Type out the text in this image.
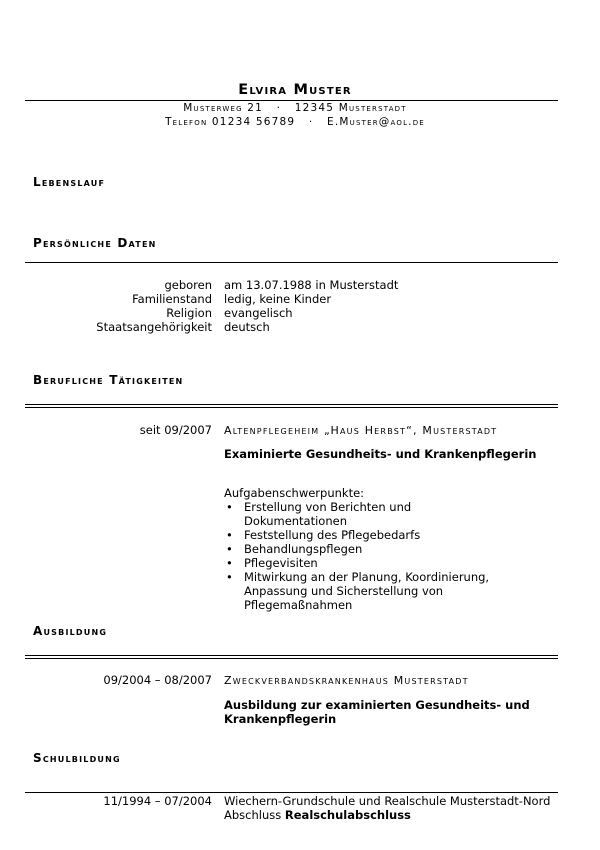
Elvira Muster
Musterweg 21   ·   12345 Musterstadt
Telefon 01234 56789   ·   E.Muster@aol.de
Lebenslauf
Persönliche Daten
geboren am 13.07.1988 in Musterstadt
Familienstand ledig, keine Kinder
Religion evangelisch
Staatsangehörigkeit deutsch
Berufliche Tätigkeiten
seit 09/2007 Altenpflegeheim „Haus Herbst“, Musterstadt
Examinierte Gesundheits- und Krankenpflegerin
Aufgabenschwerpunkte:
• Erstellung von Berichten und Dokumentationen
• Feststellung des Pflegebedarfs
• Behandlungspflegen
• Pflegevisiten
• Mitwirkung an der Planung, Koordinierung, Anpassung und Sicherstellung von Pflegemaßnahmen
Ausbildung
09/2004 – 08/2007 Zweckverbandskrankenhaus Musterstadt
Ausbildung zur examinierten Gesundheits- und Krankenpflegerin
Schulbildung
11/1994 – 07/2004 Wiechern-Grundschule und Realschule Musterstadt-Nord
Abschluss Realschulabschluss
